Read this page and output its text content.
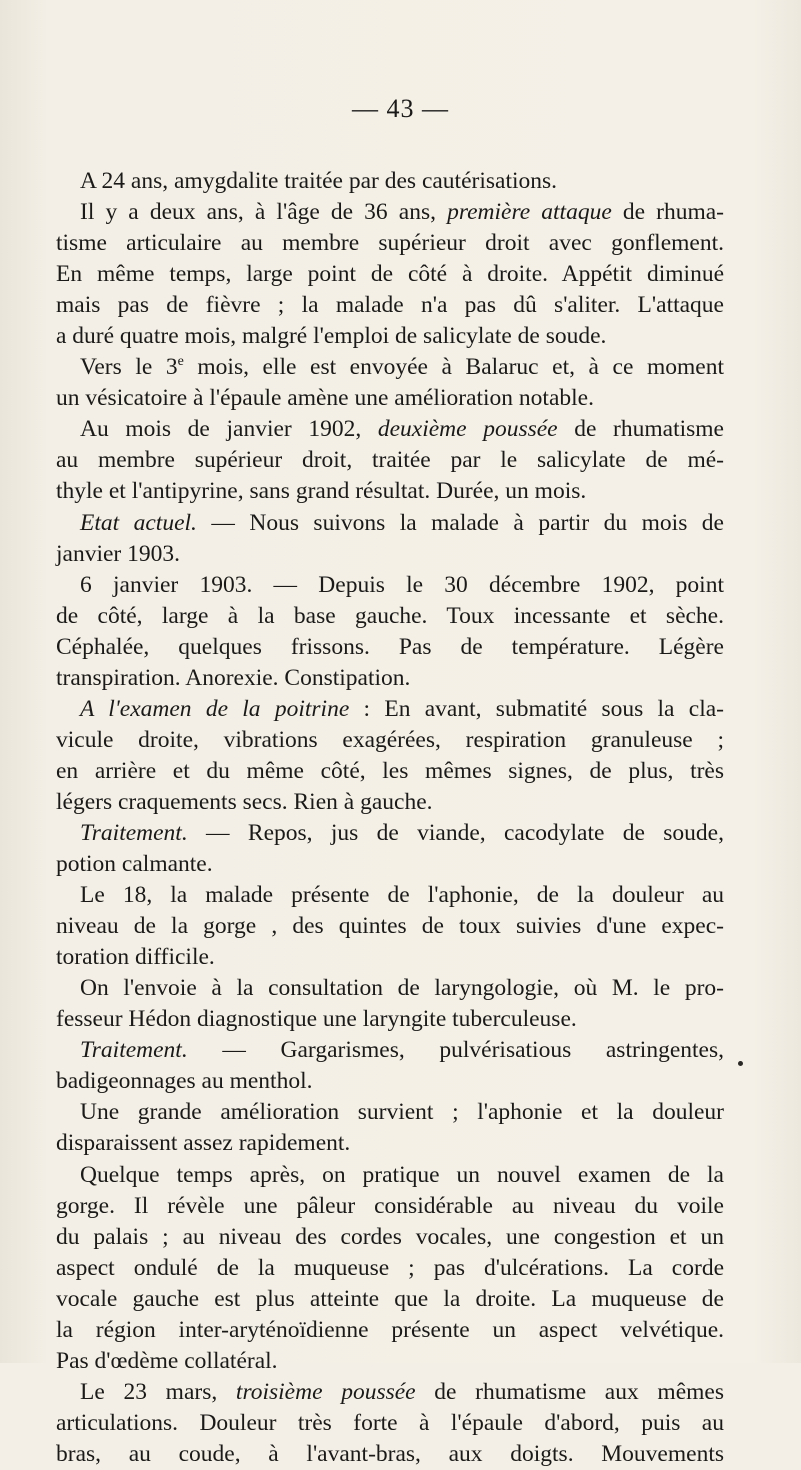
— 43 —
A 24 ans, amygdalite traitée par des cautérisations.
Il y a deux ans, à l'âge de 36 ans, première attaque de rhuma-
tisme articulaire au membre supérieur droit avec gonflement.
En même temps, large point de côté à droite. Appétit diminué
mais pas de fièvre ; la malade n'a pas dû s'aliter. L'attaque
a duré quatre mois, malgré l'emploi de salicylate de soude.
Vers le 3e mois, elle est envoyée à Balaruc et, à ce moment
un vésicatoire à l'épaule amène une amélioration notable.
Au mois de janvier 1902, deuxième poussée de rhumatisme
au membre supérieur droit, traitée par le salicylate de mé-
thyle et l'antipyrine, sans grand résultat. Durée, un mois.
Etat actuel. — Nous suivons la malade à partir du mois de
janvier 1903.
6 janvier 1903. — Depuis le 30 décembre 1902, point
de côté, large à la base gauche. Toux incessante et sèche.
Céphalée, quelques frissons. Pas de température. Légère
transpiration. Anorexie. Constipation.
A l'examen de la poitrine : En avant, submatité sous la cla-
vicule droite, vibrations exagérées, respiration granuleuse ;
en arrière et du même côté, les mêmes signes, de plus, très
légers craquements secs. Rien à gauche.
Traitement. — Repos, jus de viande, cacodylate de soude,
potion calmante.
Le 18, la malade présente de l'aphonie, de la douleur au
niveau de la gorge , des quintes de toux suivies d'une expec-
toration difficile.
On l'envoie à la consultation de laryngologie, où M. le pro-
fesseur Hédon diagnostique une laryngite tuberculeuse.
Traitement. — Gargarismes, pulvérisatious astringentes,
badigeonnages au menthol.
Une grande amélioration survient ; l'aphonie et la douleur
disparaissent assez rapidement.
Quelque temps après, on pratique un nouvel examen de la
gorge. Il révèle une pâleur considérable au niveau du voile
du palais ; au niveau des cordes vocales, une congestion et un
aspect ondulé de la muqueuse ; pas d'ulcérations. La corde
vocale gauche est plus atteinte que la droite. La muqueuse de
la région inter-aryténoïdienne présente un aspect velvétique.
Pas d'œdème collatéral.
Le 23 mars, troisième poussée de rhumatisme aux mêmes
articulations. Douleur très forte à l'épaule d'abord, puis au
bras, au coude, à l'avant-bras, aux doigts. Mouvements
